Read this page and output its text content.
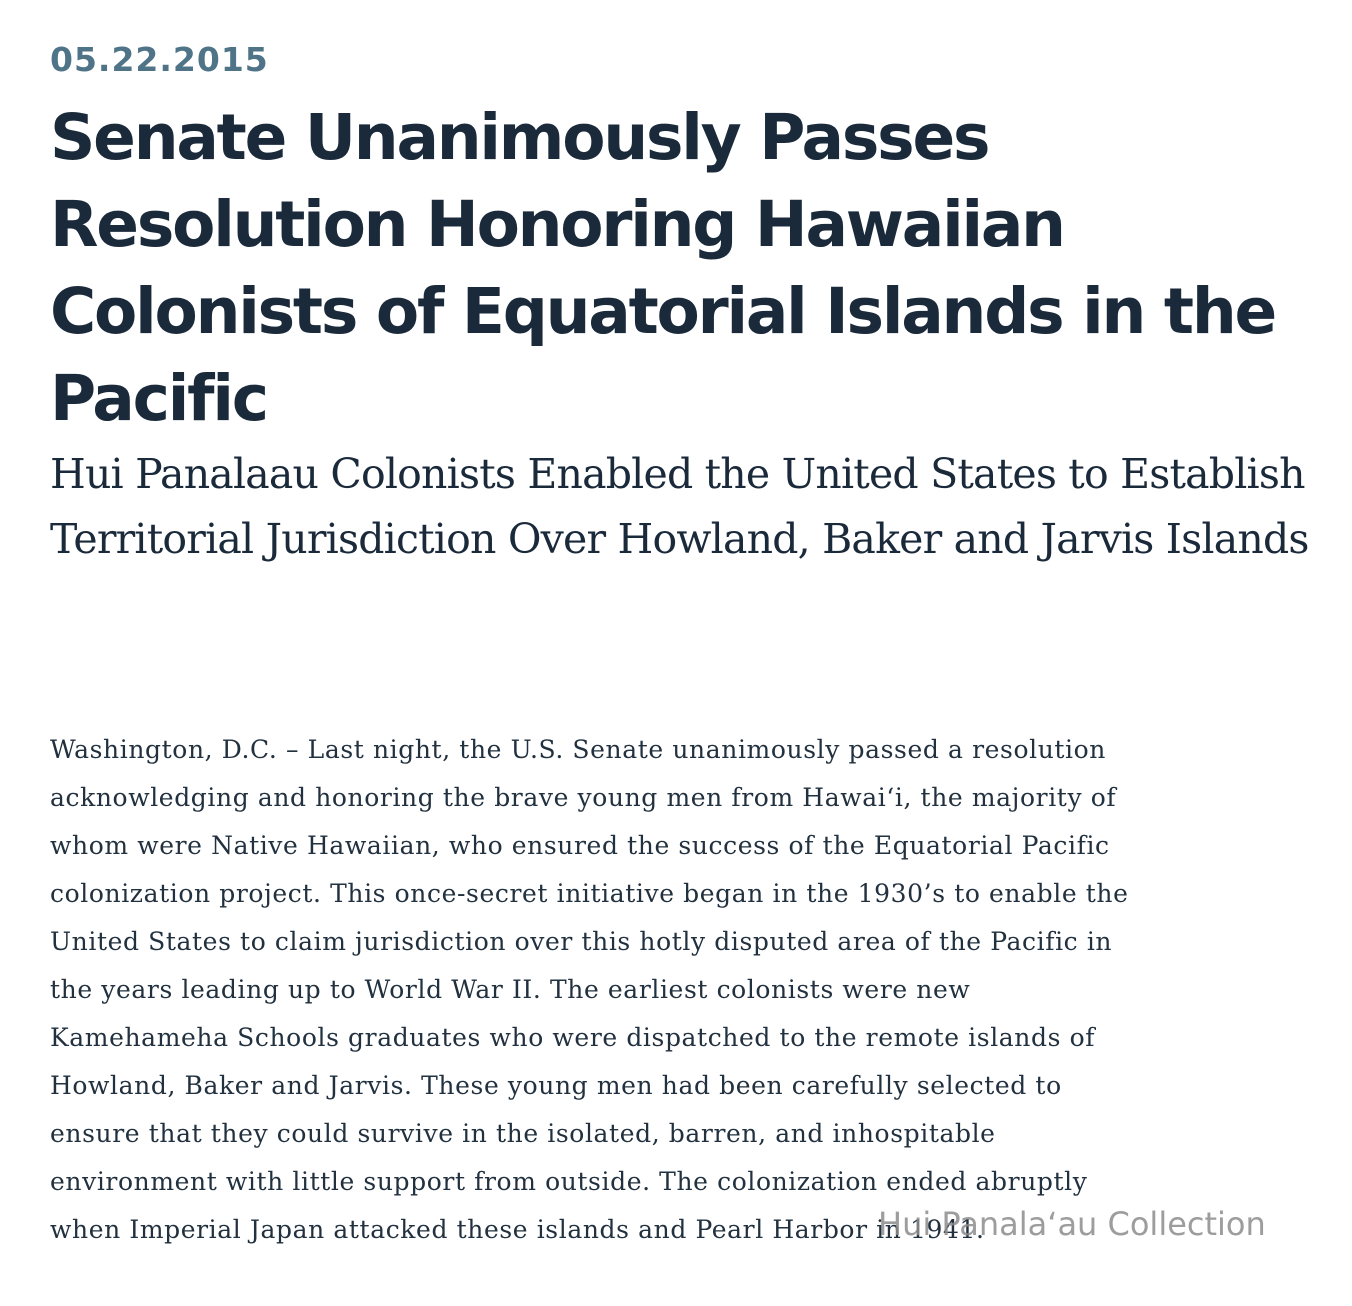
05.22.2015
Senate Unanimously Passes Resolution Honoring Hawaiian Colonists of Equatorial Islands in the Pacific
Hui Panalaau Colonists Enabled the United States to Establish Territorial Jurisdiction Over Howland, Baker and Jarvis Islands

Washington, D.C. – Last night, the U.S. Senate unanimously passed a resolution
acknowledging and honoring the brave young men from Hawai‘i, the majority of
whom were Native Hawaiian, who ensured the success of the Equatorial Pacific
colonization project. This once-secret initiative began in the 1930’s to enable the
United States to claim jurisdiction over this hotly disputed area of the Pacific in
the years leading up to World War II. The earliest colonists were new
Kamehameha Schools graduates who were dispatched to the remote islands of
Howland, Baker and Jarvis. These young men had been carefully selected to
ensure that they could survive in the isolated, barren, and inhospitable
environment with little support from outside. The colonization ended abruptly
when Imperial Japan attacked these islands and Pearl Harbor in 1941.

Hui Panala‘au Collection
